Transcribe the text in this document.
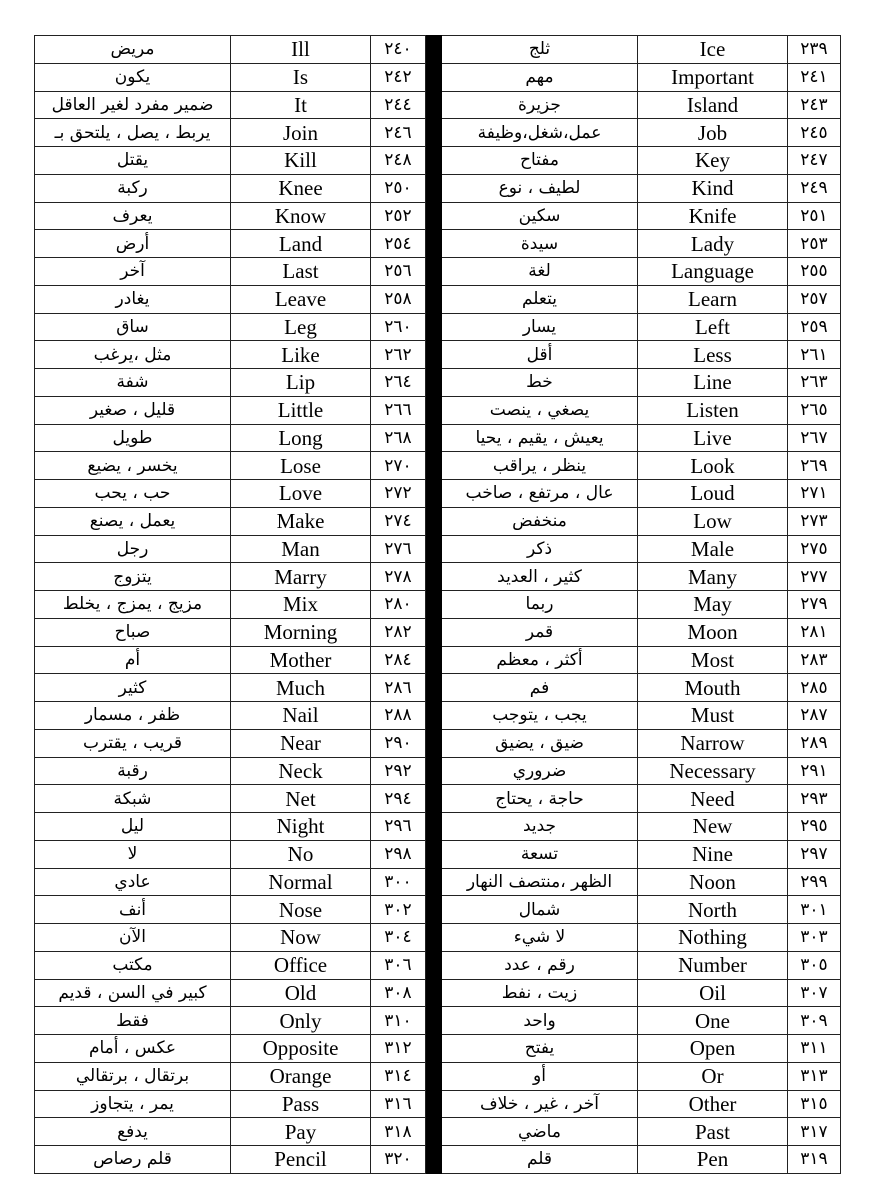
مريض	Ill	٢٤٠		ثلج	Ice	٢٣٩
يكون	Is	٢٤٢		مهم	Important	٢٤١
ضمير مفرد لغير العاقل	It	٢٤٤		جزيرة	Island	٢٤٣
يربط ، يصل ، يلتحق بـ	Join	٢٤٦		عمل،شغل،وظيفة	Job	٢٤٥
يقتل	Kill	٢٤٨		مفتاح	Key	٢٤٧
ركبة	Knee	٢٥٠		لطيف ، نوع	Kind	٢٤٩
يعرف	Know	٢٥٢		سكين	Knife	٢٥١
أرض	Land	٢٥٤		سيدة	Lady	٢٥٣
آخر	Last	٢٥٦		لغة	Language	٢٥٥
يغادر	Leave	٢٥٨		يتعلم	Learn	٢٥٧
ساق	Leg	٢٦٠		يسار	Left	٢٥٩
مثل ،يرغب	Like	٢٦٢		أقل	Less	٢٦١
شفة	Lip	٢٦٤		خط	Line	٢٦٣
قليل ، صغير	Little	٢٦٦		يصغي ، ينصت	Listen	٢٦٥
طويل	Long	٢٦٨		يعيش ، يقيم ، يحيا	Live	٢٦٧
يخسر ، يضيع	Lose	٢٧٠		ينظر ، يراقب	Look	٢٦٩
حب ، يحب	Love	٢٧٢		عال ، مرتفع ، صاخب	Loud	٢٧١
يعمل ، يصنع	Make	٢٧٤		منخفض	Low	٢٧٣
رجل	Man	٢٧٦		ذكر	Male	٢٧٥
يتزوج	Marry	٢٧٨		كثير ، العديد	Many	٢٧٧
مزيج ، يمزج ، يخلط	Mix	٢٨٠		ربما	May	٢٧٩
صباح	Morning	٢٨٢		قمر	Moon	٢٨١
أم	Mother	٢٨٤		أكثر ، معظم	Most	٢٨٣
كثير	Much	٢٨٦		فم	Mouth	٢٨٥
ظفر ، مسمار	Nail	٢٨٨		يجب ، يتوجب	Must	٢٨٧
قريب ، يقترب	Near	٢٩٠		ضيق ، يضيق	Narrow	٢٨٩
رقبة	Neck	٢٩٢		ضروري	Necessary	٢٩١
شبكة	Net	٢٩٤		حاجة ، يحتاج	Need	٢٩٣
ليل	Night	٢٩٦		جديد	New	٢٩٥
لا	No	٢٩٨		تسعة	Nine	٢٩٧
عادي	Normal	٣٠٠		الظهر ،منتصف النهار	Noon	٢٩٩
أنف	Nose	٣٠٢		شمال	North	٣٠١
الآن	Now	٣٠٤		لا شيء	Nothing	٣٠٣
مكتب	Office	٣٠٦		رقم ، عدد	Number	٣٠٥
كبير في السن ، قديم	Old	٣٠٨		زيت ، نفط	Oil	٣٠٧
فقط	Only	٣١٠		واحد	One	٣٠٩
عكس ، أمام	Opposite	٣١٢		يفتح	Open	٣١١
برتقال ، برتقالي	Orange	٣١٤		أو	Or	٣١٣
يمر ، يتجاوز	Pass	٣١٦		آخر ، غير ، خلاف	Other	٣١٥
يدفع	Pay	٣١٨		ماضي	Past	٣١٧
قلم رصاص	Pencil	٣٢٠		قلم	Pen	٣١٩
